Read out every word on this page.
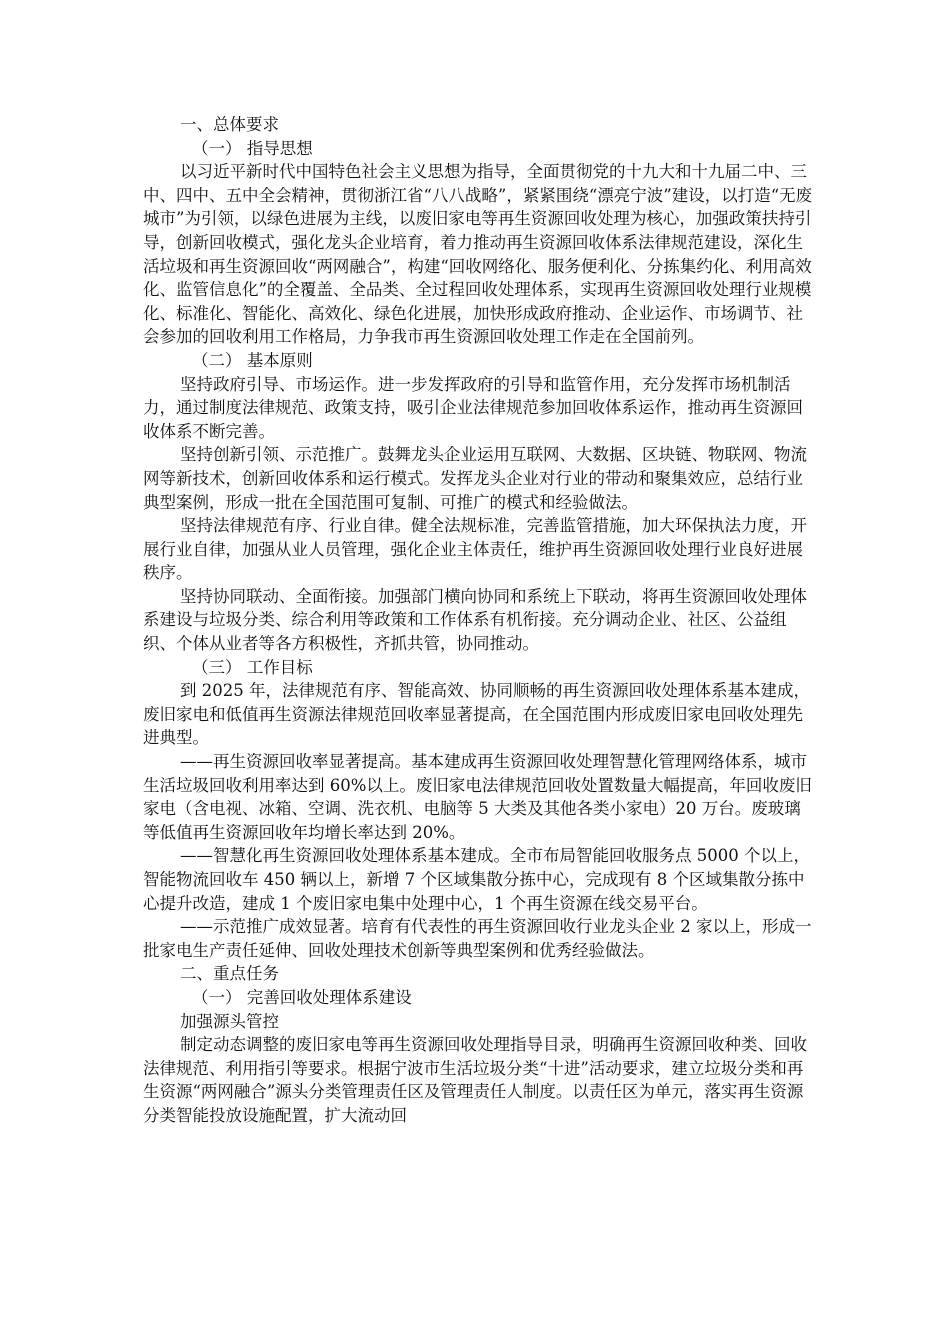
一、总体要求

（一） 指导思想

以习近平新时代中国特色社会主义思想为指导，全面贯彻党的十九大和十九届二中、三中、四中、五中全会精神，贯彻浙江省“八八战略”，紧紧围绕“漂亮宁波”建设，以打造“无废城市”为引领，以绿色进展为主线，以废旧家电等再生资源回收处理为核心，加强政策扶持引导，创新回收模式，强化龙头企业培育，着力推动再生资源回收体系法律规范建设，深化生活垃圾和再生资源回收“两网融合”，构建“回收网络化、服务便利化、分拣集约化、利用高效化、监管信息化”的全覆盖、全品类、全过程回收处理体系，实现再生资源回收处理行业规模化、标准化、智能化、高效化、绿色化进展，加快形成政府推动、企业运作、市场调节、社会参加的回收利用工作格局，力争我市再生资源回收处理工作走在全国前列。

（二） 基本原则

坚持政府引导、市场运作。进一步发挥政府的引导和监管作用，充分发挥市场机制活力，通过制度法律规范、政策支持，吸引企业法律规范参加回收体系运作，推动再生资源回收体系不断完善。

坚持创新引领、示范推广。鼓舞龙头企业运用互联网、大数据、区块链、物联网、物流网等新技术，创新回收体系和运行模式。发挥龙头企业对行业的带动和聚集效应，总结行业典型案例，形成一批在全国范围可复制、可推广的模式和经验做法。

坚持法律规范有序、行业自律。健全法规标准，完善监管措施，加大环保执法力度，开展行业自律，加强从业人员管理，强化企业主体责任，维护再生资源回收处理行业良好进展秩序。

坚持协同联动、全面衔接。加强部门横向协同和系统上下联动，将再生资源回收处理体系建设与垃圾分类、综合利用等政策和工作体系有机衔接。充分调动企业、社区、公益组织、个体从业者等各方积极性，齐抓共管，协同推动。

（三） 工作目标

到 2025 年，法律规范有序、智能高效、协同顺畅的再生资源回收处理体系基本建成，废旧家电和低值再生资源法律规范回收率显著提高，在全国范围内形成废旧家电回收处理先进典型。

——再生资源回收率显著提高。基本建成再生资源回收处理智慧化管理网络体系，城市生活垃圾回收利用率达到 60%以上。废旧家电法律规范回收处置数量大幅提高，年回收废旧家电（含电视、冰箱、空调、洗衣机、电脑等 5 大类及其他各类小家电）20 万台。废玻璃等低值再生资源回收年均增长率达到 20%。

——智慧化再生资源回收处理体系基本建成。全市布局智能回收服务点 5000 个以上，智能物流回收车 450 辆以上，新增 7 个区域集散分拣中心，完成现有 8 个区域集散分拣中心提升改造，建成 1 个废旧家电集中处理中心，1 个再生资源在线交易平台。

——示范推广成效显著。培育有代表性的再生资源回收行业龙头企业 2 家以上，形成一批家电生产责任延伸、回收处理技术创新等典型案例和优秀经验做法。

二、重点任务

（一） 完善回收处理体系建设

加强源头管控

制定动态调整的废旧家电等再生资源回收处理指导目录，明确再生资源回收种类、回收法律规范、利用指引等要求。根据宁波市生活垃圾分类“十进”活动要求，建立垃圾分类和再生资源“两网融合”源头分类管理责任区及管理责任人制度。以责任区为单元，落实再生资源分类智能投放设施配置，扩大流动回
